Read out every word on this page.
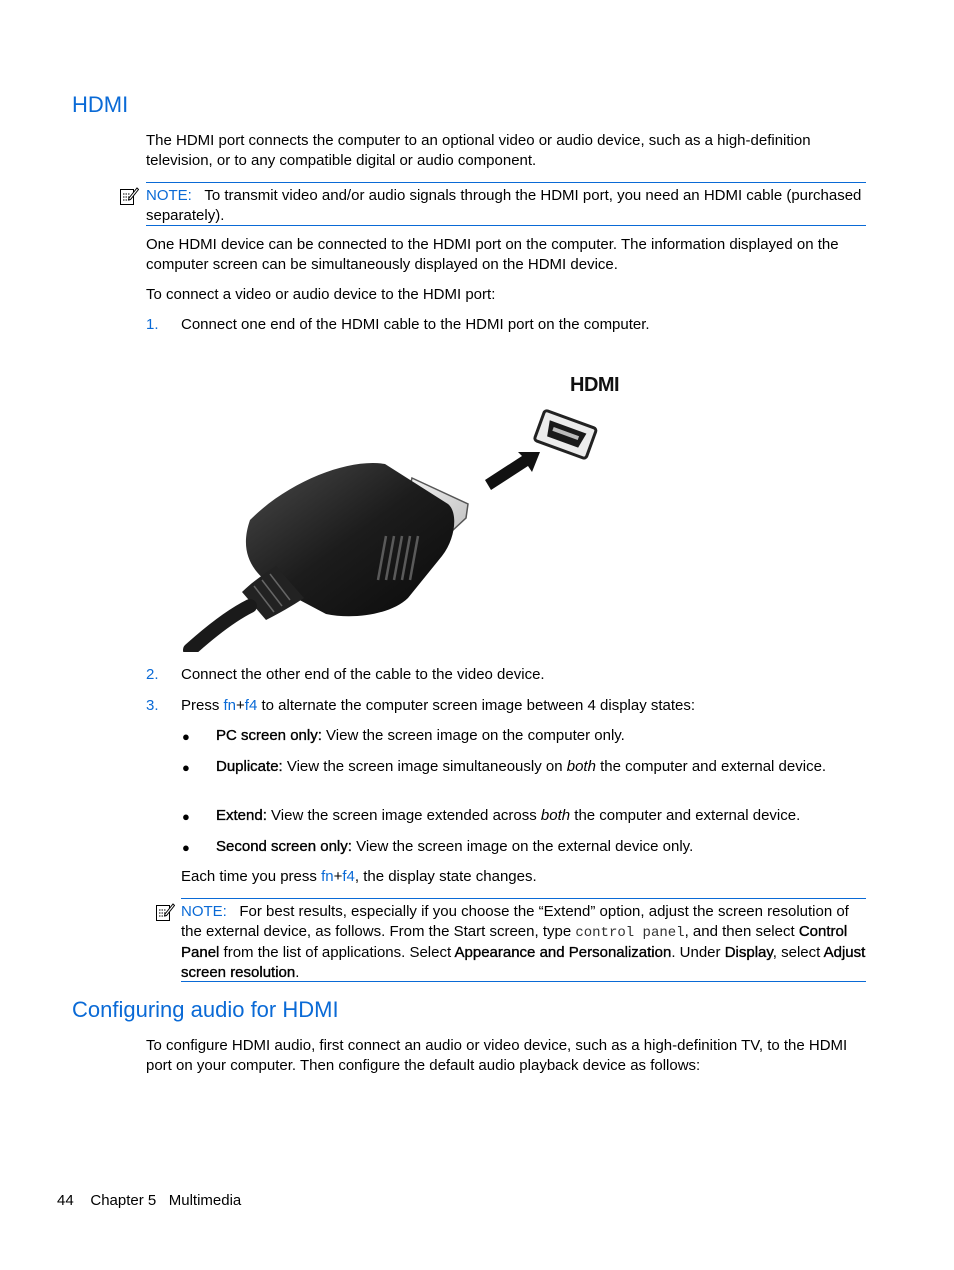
HDMI

The HDMI port connects the computer to an optional video or audio device, such as a high-definition television, or to any compatible digital or audio component.

NOTE: To transmit video and/or audio signals through the HDMI port, you need an HDMI cable (purchased separately).

One HDMI device can be connected to the HDMI port on the computer. The information displayed on the computer screen can be simultaneously displayed on the HDMI device.

To connect a video or audio device to the HDMI port:

1. Connect one end of the HDMI cable to the HDMI port on the computer.

HDMI
2. Connect the other end of the cable to the video device.

3. Press fn+f4 to alternate the computer screen image between 4 display states:

● PC screen only: View the screen image on the computer only.

● Duplicate: View the screen image simultaneously on both the computer and external device.

● Extend: View the screen image extended across both the computer and external device.

● Second screen only: View the screen image on the external device only.

Each time you press fn+f4, the display state changes.

NOTE: For best results, especially if you choose the “Extend” option, adjust the screen resolution of the external device, as follows. From the Start screen, type control panel, and then select Control Panel from the list of applications. Select Appearance and Personalization. Under Display, select Adjust screen resolution.

Configuring audio for HDMI

To configure HDMI audio, first connect an audio or video device, such as a high-definition TV, to the HDMI port on your computer. Then configure the default audio playback device as follows:

44 Chapter 5 Multimedia
